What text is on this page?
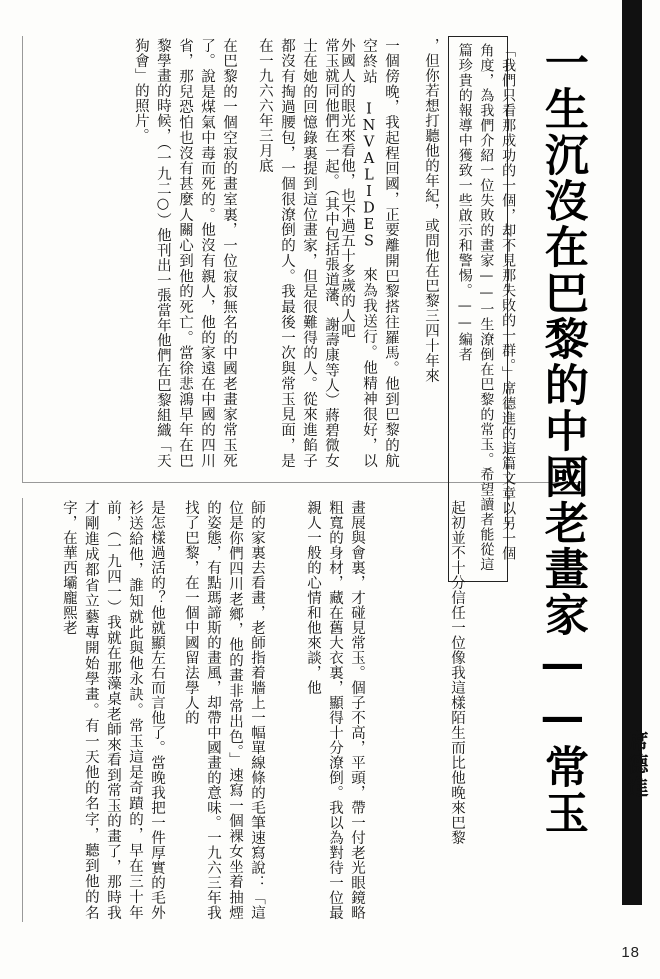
一生沉沒在巴黎的中國老畫家——常玉 席德進
「我們只看那成功的一個，却不見那失敗的一群。」席德進的這篇文章以另一個角度，為我們介紹一位失敗的畫家——一生潦倒在巴黎的常玉。希望讀者能從這篇珍貴的報導中獲致一些啟示和警惕。——編者
，但你若想打聽他的年紀，或問他在巴黎三四十年來
一個傍晚，我起程回國，正要離開巴黎搭往羅馬。他到巴黎的航空終站 INVALIDES 來為我送行。他精神很好，以外國人的眼光來看他，也不過五十多歲的人吧
常玉就同他們在一起。（其中包括張道藩、謝壽康等人）蔣碧微女士在她的回憶錄裏提到這位畫家，但是很難得的人。從來進餡子都沒有掏過腰包，一個很潦倒的人。我最後一次與常玉見面，是在一九六六年三月底
在巴黎的一個空寂的畫室裏，一位寂寂無名的中國老畫家常玉死了。說是煤氣中毒而死的。他沒有親人，他的家遠在中國的四川省，那兒恐怕也沒有甚麼人關心到他的死亡。當徐悲鴻早年在巴黎學畫的時候，（一九二○）他刊出一張當年他們在巴黎組織「天狗會」的照片。
起初並不十分信任一位像我這樣陌生而比他晚來巴黎
畫展與會裏，才碰見常玉。個子不高，平頭，帶一付老光眼鏡略粗寬的身材，藏在舊大衣裏，顯得十分潦倒。我以為對待一位最親人一般的心情和他來談，他
師的家裏去看畫，老師指着牆上一幅單線條的毛筆速寫說：「這位是你們四川老鄉，他的畫非常出色。」速寫一個裸女坐着抽煙的姿態，有點瑪諦斯的畫風，却帶中國畫的意味。一九六三年我找了巴黎，在一個中國留法學人的
是怎樣過活的？他就顯左右而言他了。當晚我把一件厚實的毛外衫送給他，誰知就此與他永訣。常玉這是奇蹟的，早在三十年前，（一九四一）我就在那藻桌老師來看到常玉的畫了，那時我才剛進成都省立藝專開始學畫。有一天他的名字，聽到他的名字，在華西壩龐熙老
18
